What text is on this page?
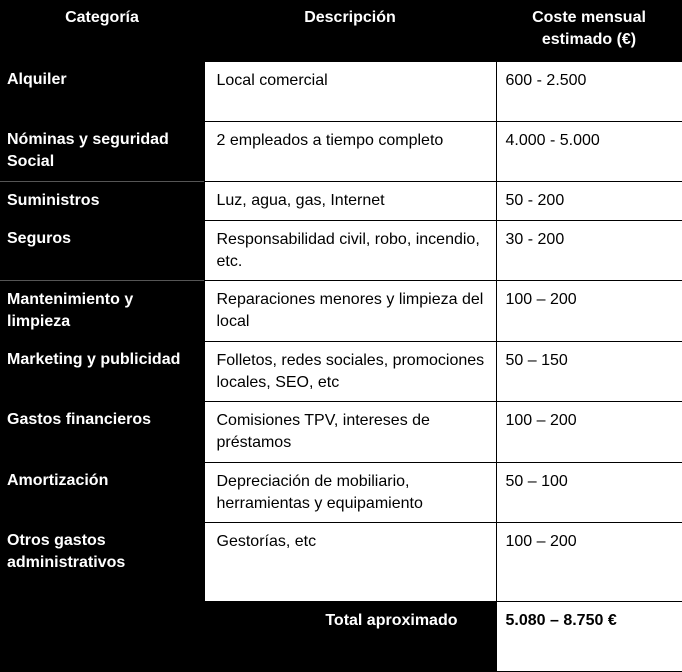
Categoría	Descripción	Coste mensual
estimado (€)
Alquiler	Local comercial	600 - 2.500
Nóminas y seguridad Social	2 empleados a tiempo completo	4.000 - 5.000
Suministros	Luz, agua, gas, Internet	50 - 200
Seguros	Responsabilidad civil, robo, incendio, etc.	30 - 200
Mantenimiento y limpieza	Reparaciones menores y limpieza del local	100 – 200
Marketing y publicidad	Folletos, redes sociales, promociones locales, SEO, etc	50 – 150
Gastos financieros	Comisiones TPV, intereses de préstamos	100 – 200
Amortización	Depreciación de mobiliario, herramientas y equipamiento	50 – 100
Otros gastos administrativos	Gestorías, etc	100 – 200
Total aproximado		5.080 – 8.750 €
